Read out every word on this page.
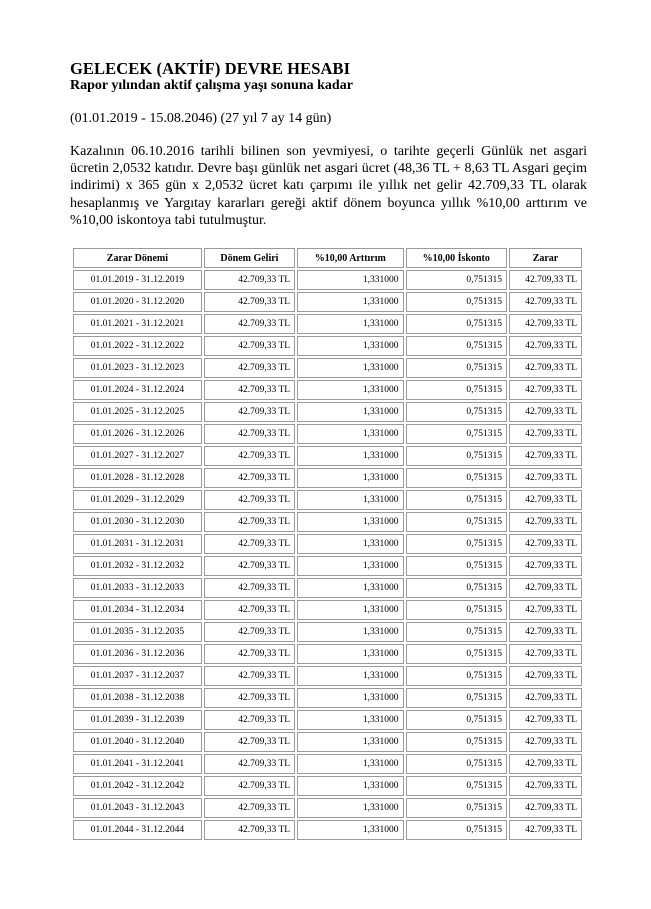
GELECEK (AKTİF) DEVRE HESABI

Rapor yılından aktif çalışma yaşı sonuna kadar

(01.01.2019 - 15.08.2046) (27 yıl 7 ay 14 gün)

Kazalının 06.10.2016 tarihli bilinen son yevmiyesi, o tarihte geçerli Günlük net asgari ücretin 2,0532 katıdır. Devre başı günlük net asgari ücret (48,36 TL + 8,63 TL Asgari geçim indirimi) x 365 gün x 2,0532 ücret katı çarpımı ile yıllık net gelir 42.709,33 TL olarak hesaplanmış ve Yargıtay kararları gereği aktif dönem boyunca yıllık %10,00 arttırım ve %10,00 iskontoya tabi tutulmuştur.

Zarar Dönemi	Dönem Geliri	%10,00 Arttırım	%10,00 İskonto	Zarar
01.01.2019 - 31.12.2019	42.709,33 TL	1,331000	0,751315	42.709,33 TL
01.01.2020 - 31.12.2020	42.709,33 TL	1,331000	0,751315	42.709,33 TL
01.01.2021 - 31.12.2021	42.709,33 TL	1,331000	0,751315	42.709,33 TL
01.01.2022 - 31.12.2022	42.709,33 TL	1,331000	0,751315	42.709,33 TL
01.01.2023 - 31.12.2023	42.709,33 TL	1,331000	0,751315	42.709,33 TL
01.01.2024 - 31.12.2024	42.709,33 TL	1,331000	0,751315	42.709,33 TL
01.01.2025 - 31.12.2025	42.709,33 TL	1,331000	0,751315	42.709,33 TL
01.01.2026 - 31.12.2026	42.709,33 TL	1,331000	0,751315	42.709,33 TL
01.01.2027 - 31.12.2027	42.709,33 TL	1,331000	0,751315	42.709,33 TL
01.01.2028 - 31.12.2028	42.709,33 TL	1,331000	0,751315	42.709,33 TL
01.01.2029 - 31.12.2029	42.709,33 TL	1,331000	0,751315	42.709,33 TL
01.01.2030 - 31.12.2030	42.709,33 TL	1,331000	0,751315	42.709,33 TL
01.01.2031 - 31.12.2031	42.709,33 TL	1,331000	0,751315	42.709,33 TL
01.01.2032 - 31.12.2032	42.709,33 TL	1,331000	0,751315	42.709,33 TL
01.01.2033 - 31.12.2033	42.709,33 TL	1,331000	0,751315	42.709,33 TL
01.01.2034 - 31.12.2034	42.709,33 TL	1,331000	0,751315	42.709,33 TL
01.01.2035 - 31.12.2035	42.709,33 TL	1,331000	0,751315	42.709,33 TL
01.01.2036 - 31.12.2036	42.709,33 TL	1,331000	0,751315	42.709,33 TL
01.01.2037 - 31.12.2037	42.709,33 TL	1,331000	0,751315	42.709,33 TL
01.01.2038 - 31.12.2038	42.709,33 TL	1,331000	0,751315	42.709,33 TL
01.01.2039 - 31.12.2039	42.709,33 TL	1,331000	0,751315	42.709,33 TL
01.01.2040 - 31.12.2040	42.709,33 TL	1,331000	0,751315	42.709,33 TL
01.01.2041 - 31.12.2041	42.709,33 TL	1,331000	0,751315	42.709,33 TL
01.01.2042 - 31.12.2042	42.709,33 TL	1,331000	0,751315	42.709,33 TL
01.01.2043 - 31.12.2043	42.709,33 TL	1,331000	0,751315	42.709,33 TL
01.01.2044 - 31.12.2044	42.709,33 TL	1,331000	0,751315	42.709,33 TL
